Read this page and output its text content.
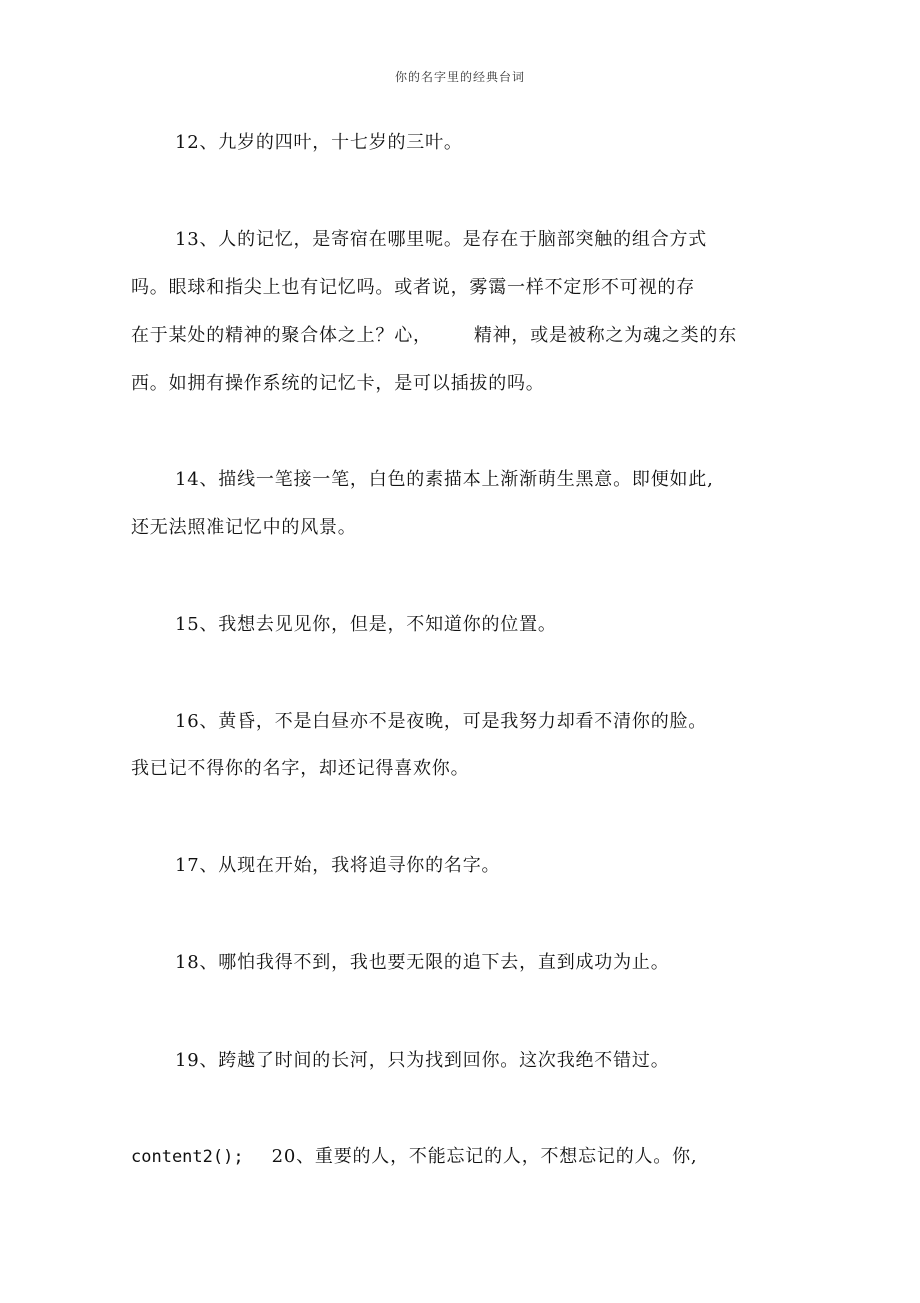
你的名字里的经典台词
12、九岁的四叶，十七岁的三叶。
13、人的记忆，是寄宿在哪里呢。是存在于脑部突触的组合方式
吗。眼球和指尖上也有记忆吗。或者说，雾霭一样不定形不可视的存
在于某处的精神的聚合体之上？心， 精神，或是被称之为魂之类的东
西。如拥有操作系统的记忆卡，是可以插拔的吗。
14、描线一笔接一笔，白色的素描本上渐渐萌生黑意。即便如此,
还无法照准记忆中的风景。
15、我想去见见你，但是，不知道你的位置。
16、黄昏，不是白昼亦不是夜晚，可是我努力却看不清你的脸。
我已记不得你的名字，却还记得喜欢你。
17、从现在开始，我将追寻你的名字。
18、哪怕我得不到，我也要无限的追下去，直到成功为止。
19、跨越了时间的长河，只为找到回你。这次我绝不错过。
content2(); 20、重要的人，不能忘记的人，不想忘记的人。你,
